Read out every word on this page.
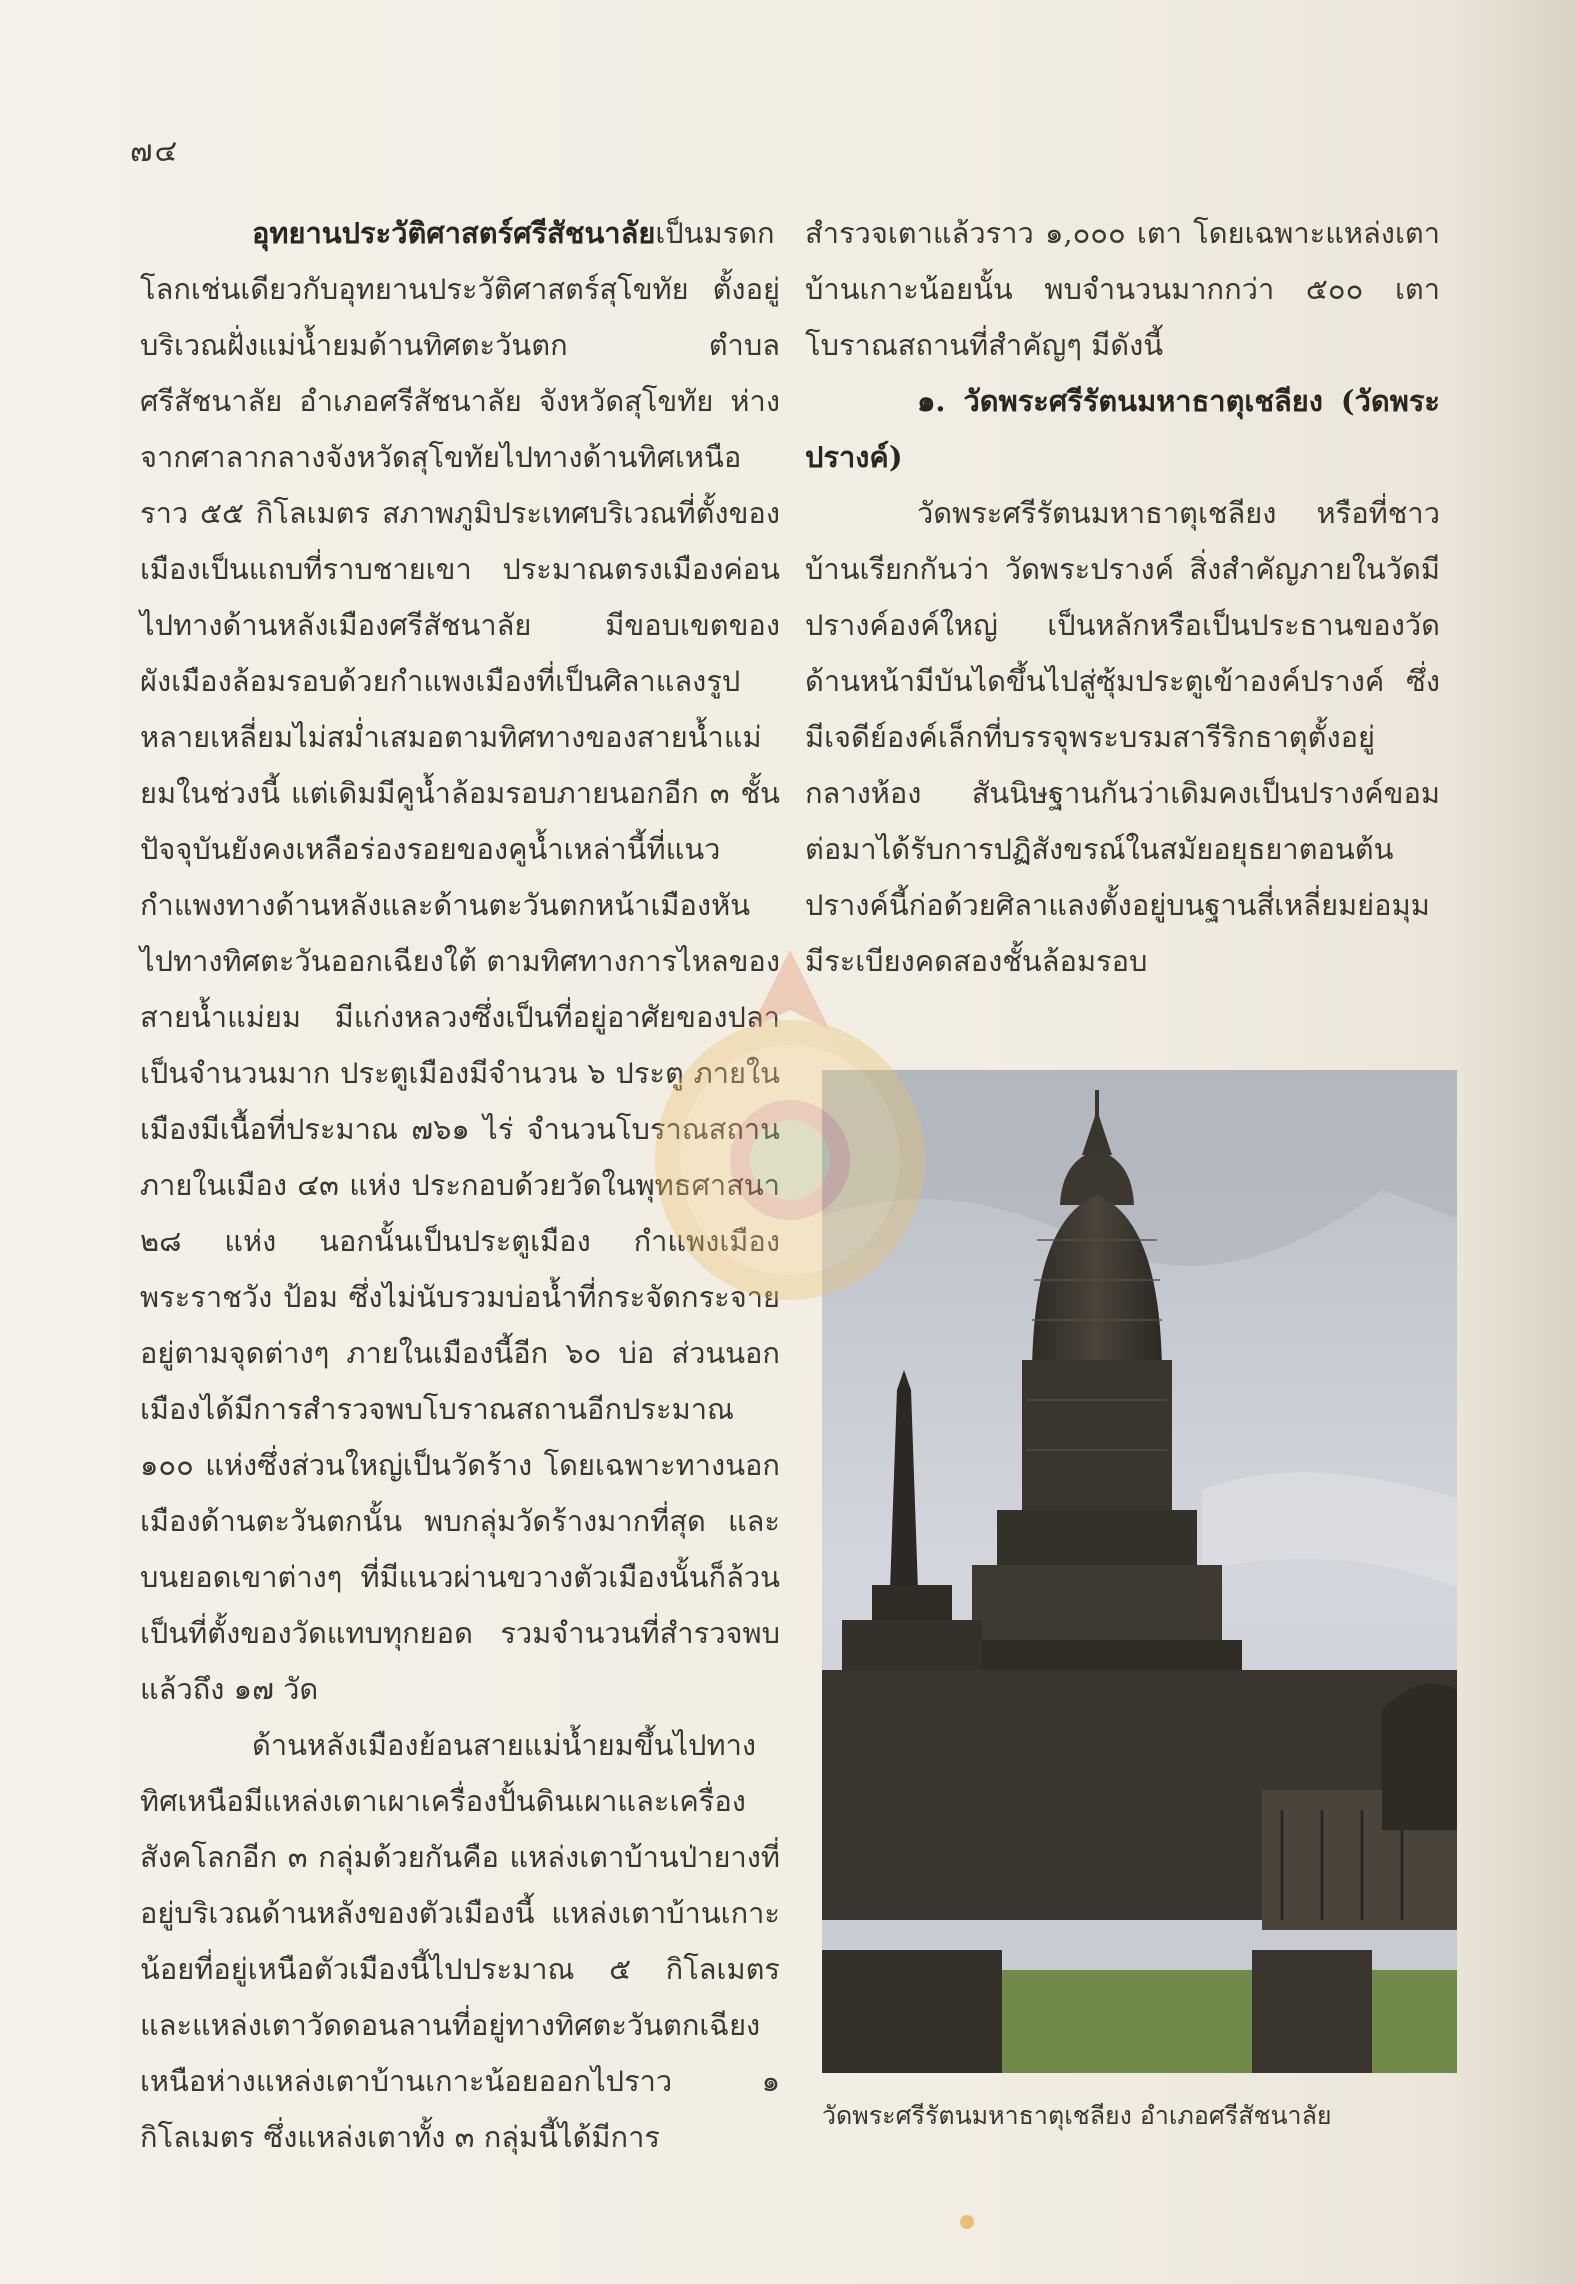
๗๔

อุทยานประวัติศาสตร์ศรีสัชนาลัยเป็นมรดกโลกเช่นเดียวกับอุทยานประวัติศาสตร์สุโขทัย ตั้งอยู่บริเวณฝั่งแม่น้ำยมด้านทิศตะวันตก ตำบลศรีสัชนาลัย อำเภอศรีสัชนาลัย จังหวัดสุโขทัย ห่างจากศาลากลางจังหวัดสุโขทัยไปทางด้านทิศเหนือราว ๕๕ กิโลเมตร สภาพภูมิประเทศบริเวณที่ตั้งของเมืองเป็นแถบที่ราบชายเขา ประมาณตรงเมืองค่อนไปทางด้านหลังเมืองศรีสัชนาลัย มีขอบเขตของผังเมืองล้อมรอบด้วยกำแพงเมืองที่เป็นศิลาแลงรูปหลายเหลี่ยมไม่สม่ำเสมอตามทิศทางของสายน้ำแม่ยมในช่วงนี้ แต่เดิมมีคูน้ำล้อมรอบภายนอกอีก ๓ ชั้น ปัจจุบันยังคงเหลือร่องรอยของคูน้ำเหล่านี้ที่แนวกำแพงทางด้านหลังและด้านตะวันตกหน้าเมืองหันไปทางทิศตะวันออกเฉียงใต้ ตามทิศทางการไหลของสายน้ำแม่ยม มีแก่งหลวงซึ่งเป็นที่อยู่อาศัยของปลาเป็นจำนวนมาก ประตูเมืองมีจำนวน ๖ ประตู ภายในเมืองมีเนื้อที่ประมาณ ๗๖๑ ไร่ จำนวนโบราณสถานภายในเมือง ๔๓ แห่ง ประกอบด้วยวัดในพุทธศาสนา ๒๘ แห่ง นอกนั้นเป็นประตูเมือง กำแพงเมือง พระราชวัง ป้อม ซึ่งไม่นับรวมบ่อน้ำที่กระจัดกระจายอยู่ตามจุดต่างๆ ภายในเมืองนี้อีก ๖๐ บ่อ ส่วนนอกเมืองได้มีการสำรวจพบโบราณสถานอีกประมาณ ๑๐๐ แห่งซึ่งส่วนใหญ่เป็นวัดร้าง โดยเฉพาะทางนอกเมืองด้านตะวันตกนั้น พบกลุ่มวัดร้างมากที่สุด และบนยอดเขาต่างๆ ที่มีแนวผ่านขวางตัวเมืองนั้นก็ล้วนเป็นที่ตั้งของวัดแทบทุกยอด รวมจำนวนที่สำรวจพบแล้วถึง ๑๗ วัด

ด้านหลังเมืองย้อนสายแม่น้ำยมขึ้นไปทางทิศเหนือมีแหล่งเตาเผาเครื่องปั้นดินเผาและเครื่องสังคโลกอีก ๓ กลุ่มด้วยกันคือ แหล่งเตาบ้านป่ายางที่อยู่บริเวณด้านหลังของตัวเมืองนี้ แหล่งเตาบ้านเกาะน้อยที่อยู่เหนือตัวเมืองนี้ไปประมาณ ๕ กิโลเมตร และแหล่งเตาวัดดอนลานที่อยู่ทางทิศตะวันตกเฉียงเหนือห่างแหล่งเตาบ้านเกาะน้อยออกไปราว ๑ กิโลเมตร ซึ่งแหล่งเตาทั้ง ๓ กลุ่มนี้ได้มีการ

สำรวจเตาแล้วราว ๑,๐๐๐ เตา โดยเฉพาะแหล่งเตาบ้านเกาะน้อยนั้น พบจำนวนมากกว่า ๕๐๐ เตา โบราณสถานที่สำคัญๆ มีดังนี้

๑. วัดพระศรีรัตนมหาธาตุเชลียง (วัดพระปรางค์)

วัดพระศรีรัตนมหาธาตุเชลียง หรือที่ชาวบ้านเรียกกันว่า วัดพระปรางค์ สิ่งสำคัญภายในวัดมีปรางค์องค์ใหญ่ เป็นหลักหรือเป็นประธานของวัด ด้านหน้ามีบันไดขึ้นไปสู่ซุ้มประตูเข้าองค์ปรางค์ ซึ่งมีเจดีย์องค์เล็กที่บรรจุพระบรมสารีริกธาตุตั้งอยู่กลางห้อง สันนิษฐานกันว่าเดิมคงเป็นปรางค์ขอม ต่อมาได้รับการปฏิสังขรณ์ในสมัยอยุธยาตอนต้น ปรางค์นี้ก่อด้วยศิลาแลงตั้งอยู่บนฐานสี่เหลี่ยมย่อมุมมีระเบียงคดสองชั้นล้อมรอบ

วัดพระศรีรัตนมหาธาตุเชลียง อำเภอศรีสัชนาลัย
